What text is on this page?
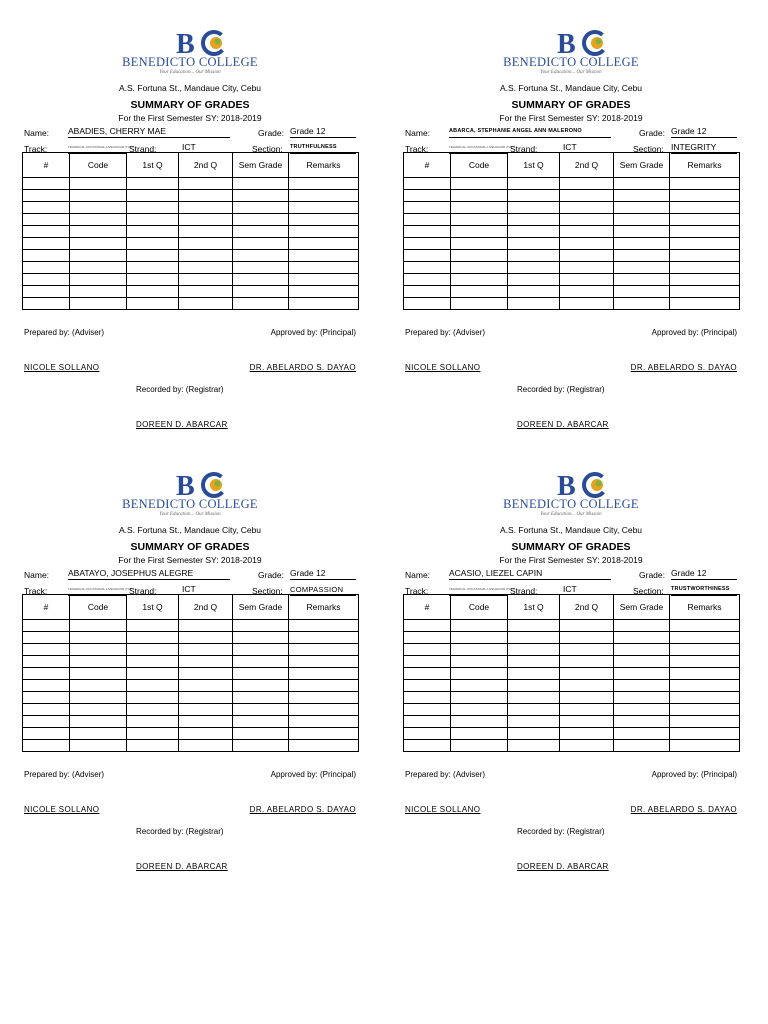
B
BENEDICTO COLLEGE
Your Education... Our Mission
A.S. Fortuna St., Mandaue City, Cebu
SUMMARY OF GRADES
For the First Semester SY: 2018-2019
Name: ABADIES, CHERRY MAE	Grade: Grade 12
Track:	TECHNICAL-VOCATIONAL-LIVELIHOOD (TVL)
Strand:	ICT	Section: TRUTHFULNESS
#	Code	1st Q	2nd Q	Sem Grade	Remarks

Prepared by: (Adviser)	Approved by: (Principal)
NICOLE SOLLANO	DR. ABELARDO S. DAYAO
Recorded by: (Registrar)
DOREEN D. ABARCAR
B
BENEDICTO COLLEGE
Your Education... Our Mission
A.S. Fortuna St., Mandaue City, Cebu
SUMMARY OF GRADES
For the First Semester SY: 2018-2019
Name:	ABARCA, STEPHANIE ANGEL ANN MALERONO	Grade: Grade 12
Track:	TECHNICAL-VOCATIONAL-LIVELIHOOD (TVL)
Strand:	ICT	Section: INTEGRITY
#	Code	1st Q	2nd Q	Sem Grade	Remarks

Prepared by: (Adviser)	Approved by: (Principal)
NICOLE SOLLANO	DR. ABELARDO S. DAYAO
Recorded by: (Registrar)
DOREEN D. ABARCAR
B
BENEDICTO COLLEGE
Your Education... Our Mission
A.S. Fortuna St., Mandaue City, Cebu
SUMMARY OF GRADES
For the First Semester SY: 2018-2019
Name: ABATAYO, JOSEPHUS ALEGRE	Grade: Grade 12
Track:	TECHNICAL-VOCATIONAL-LIVELIHOOD (TVL)
Strand:	ICT	Section: COMPASSION
#	Code	1st Q	2nd Q	Sem Grade	Remarks

Prepared by: (Adviser)	Approved by: (Principal)
NICOLE SOLLANO	DR. ABELARDO S. DAYAO
Recorded by: (Registrar)
DOREEN D. ABARCAR
B
BENEDICTO COLLEGE
Your Education... Our Mission
A.S. Fortuna St., Mandaue City, Cebu
SUMMARY OF GRADES
For the First Semester SY: 2018-2019
Name: ACASIO, LIEZEL CAPIN	Grade: Grade 12
Track:	TECHNICAL-VOCATIONAL-LIVELIHOOD (TVL)
Strand:	ICT	Section: TRUSTWORTHINESS
#	Code	1st Q	2nd Q	Sem Grade	Remarks

Prepared by: (Adviser)	Approved by: (Principal)
NICOLE SOLLANO	DR. ABELARDO S. DAYAO
Recorded by: (Registrar)
DOREEN D. ABARCAR
